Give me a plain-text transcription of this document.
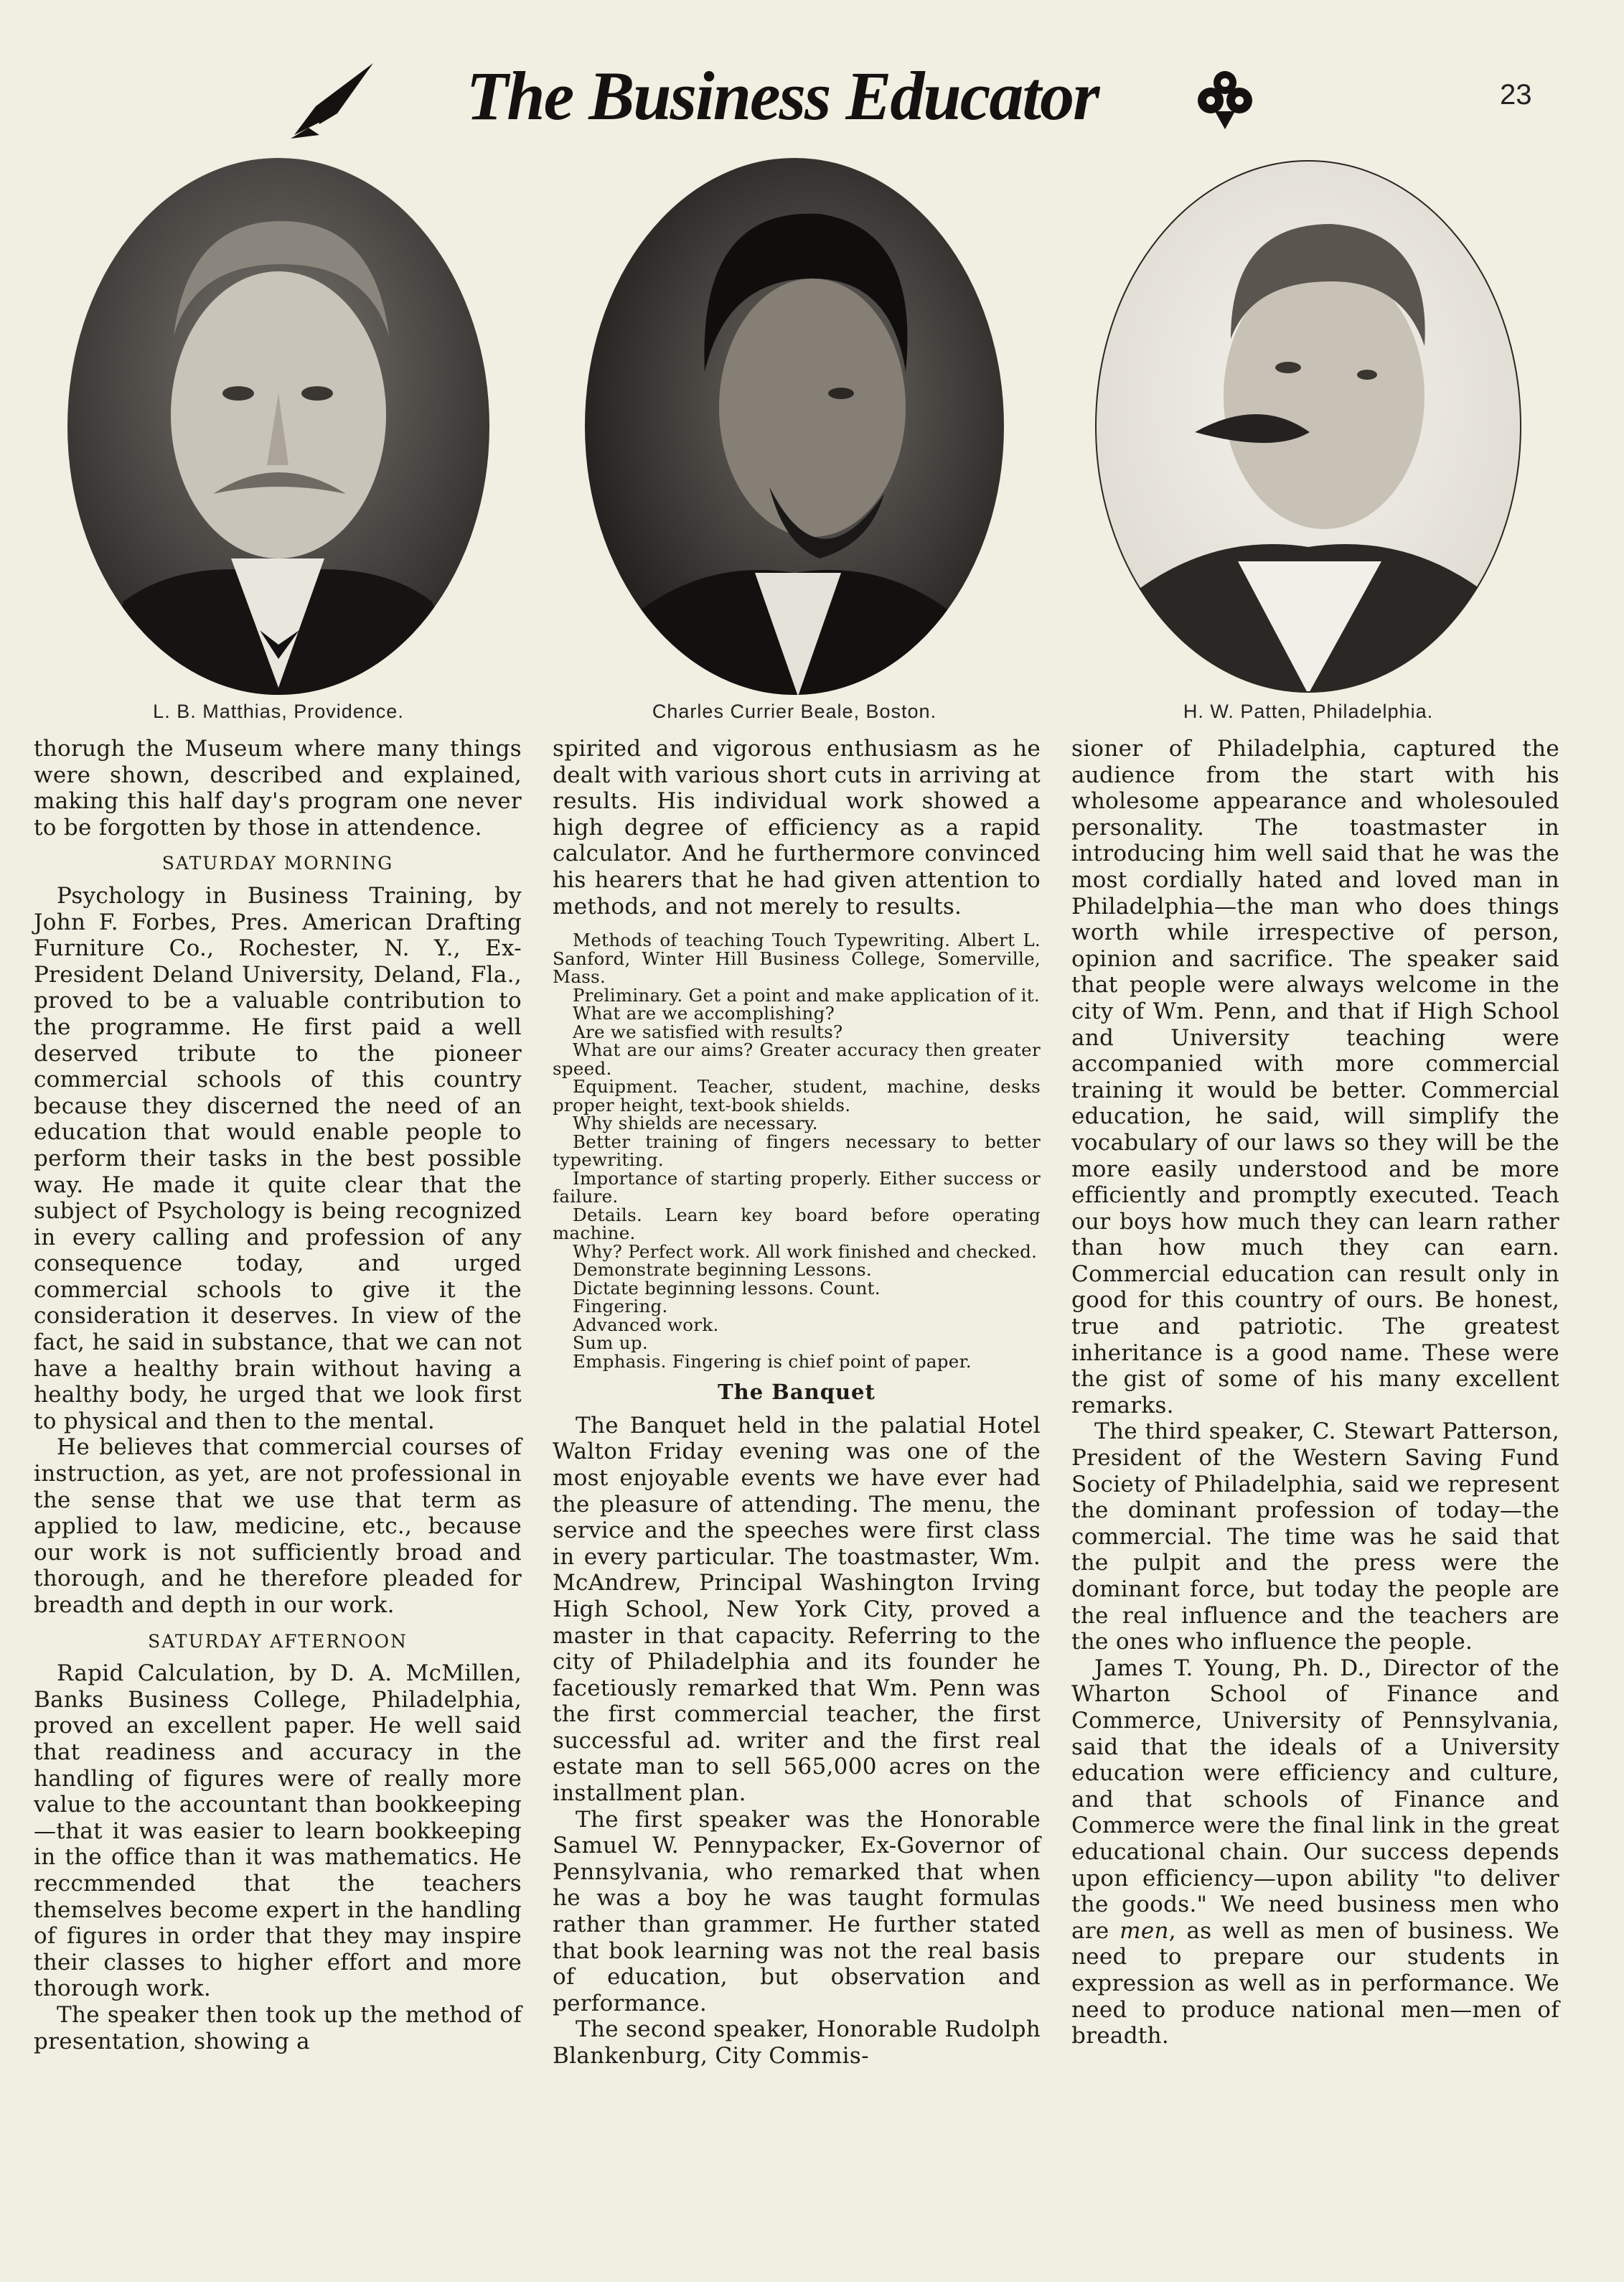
The Business Educator	23
L. B. Matthias, Providence.	Charles Currier Beale, Boston.	H. W. Patten, Philadelphia.

thorugh the Museum where many things were shown, described and explained, making this half day's program one never to be forgotten by those in attendence.

SATURDAY MORNING

Psychology in Business Training, by John F. Forbes, Pres. American Drafting Furniture Co., Rochester, N. Y., Ex-President Deland University, Deland, Fla., proved to be a valuable contribution to the programme. He first paid a well deserved tribute to the pioneer commercial schools of this country because they discerned the need of an education that would enable people to perform their tasks in the best possible way. He made it quite clear that the subject of Psychology is being recognized in every calling and profession of any consequence today, and urged commercial schools to give it the consideration it deserves. In view of the fact, he said in substance, that we can not have a healthy brain without having a healthy body, he urged that we look first to physical and then to the mental.

He believes that commercial courses of instruction, as yet, are not professional in the sense that we use that term as applied to law, medicine, etc., because our work is not sufficiently broad and thorough, and he therefore pleaded for breadth and depth in our work.

SATURDAY AFTERNOON

Rapid Calculation, by D. A. McMillen, Banks Business College, Philadelphia, proved an excellent paper. He well said that readiness and accuracy in the handling of figures were of really more value to the accountant than bookkeeping—that it was easier to learn bookkeeping in the office than it was mathematics. He reccmmended that the teachers themselves become expert in the handling of figures in order that they may inspire their classes to higher effort and more thorough work.

The speaker then took up the method of presentation, showing a

spirited and vigorous enthusiasm as he dealt with various short cuts in arriving at results. His individual work showed a high degree of efficiency as a rapid calculator. And he furthermore convinced his hearers that he had given attention to methods, and not merely to results.

Methods of teaching Touch Typewriting. Albert L. Sanford, Winter Hill Business College, Somerville, Mass.

Preliminary. Get a point and make application of it.

What are we accomplishing?

Are we satisfied with results?

What are our aims? Greater accuracy then greater speed.

Equipment. Teacher, student, machine, desks proper height, text-book shields.

Why shields are necessary.

Better training of fingers necessary to better typewriting.

Importance of starting properly. Either success or failure.

Details. Learn key board before operating machine.

Why? Perfect work. All work finished and checked.

Demonstrate beginning Lessons.

Dictate beginning lessons. Count.

Fingering.

Advanced work.

Sum up.

Emphasis. Fingering is chief point of paper.

The Banquet

The Banquet held in the palatial Hotel Walton Friday evening was one of the most enjoyable events we have ever had the pleasure of attending. The menu, the service and the speeches were first class in every particular. The toastmaster, Wm. McAndrew, Principal Washington Irving High School, New York City, proved a master in that capacity. Referring to the city of Philadelphia and its founder he facetiously remarked that Wm. Penn was the first commercial teacher, the first successful ad. writer and the first real estate man to sell 565,000 acres on the installment plan.

The first speaker was the Honorable Samuel W. Pennypacker, Ex-Governor of Pennsylvania, who remarked that when he was a boy he was taught formulas rather than grammer. He further stated that book learning was not the real basis of education, but observation and performance.

The second speaker, Honorable Rudolph Blankenburg, City Commis-

sioner of Philadelphia, captured the audience from the start with his wholesome appearance and wholesouled personality. The toastmaster in introducing him well said that he was the most cordially hated and loved man in Philadelphia—the man who does things worth while irrespective of person, opinion and sacrifice. The speaker said that people were always welcome in the city of Wm. Penn, and that if High School and University teaching were accompanied with more commercial training it would be better. Commercial education, he said, will simplify the vocabulary of our laws so they will be the more easily understood and be more efficiently and promptly executed. Teach our boys how much they can learn rather than how much they can earn. Commercial education can result only in good for this country of ours. Be honest, true and patriotic. The greatest inheritance is a good name. These were the gist of some of his many excellent remarks.

The third speaker, C. Stewart Patterson, President of the Western Saving Fund Society of Philadelphia, said we represent the dominant profession of today—the commercial. The time was he said that the pulpit and the press were the dominant force, but today the people are the real influence and the teachers are the ones who influence the people.

James T. Young, Ph. D., Director of the Wharton School of Finance and Commerce, University of Pennsylvania, said that the ideals of a University education were efficiency and culture, and that schools of Finance and Commerce were the final link in the great educational chain. Our success depends upon efficiency—upon ability "to deliver the goods." We need business men who are men, as well as men of business. We need to prepare our students in expression as well as in performance. We need to produce national men—men of breadth.
